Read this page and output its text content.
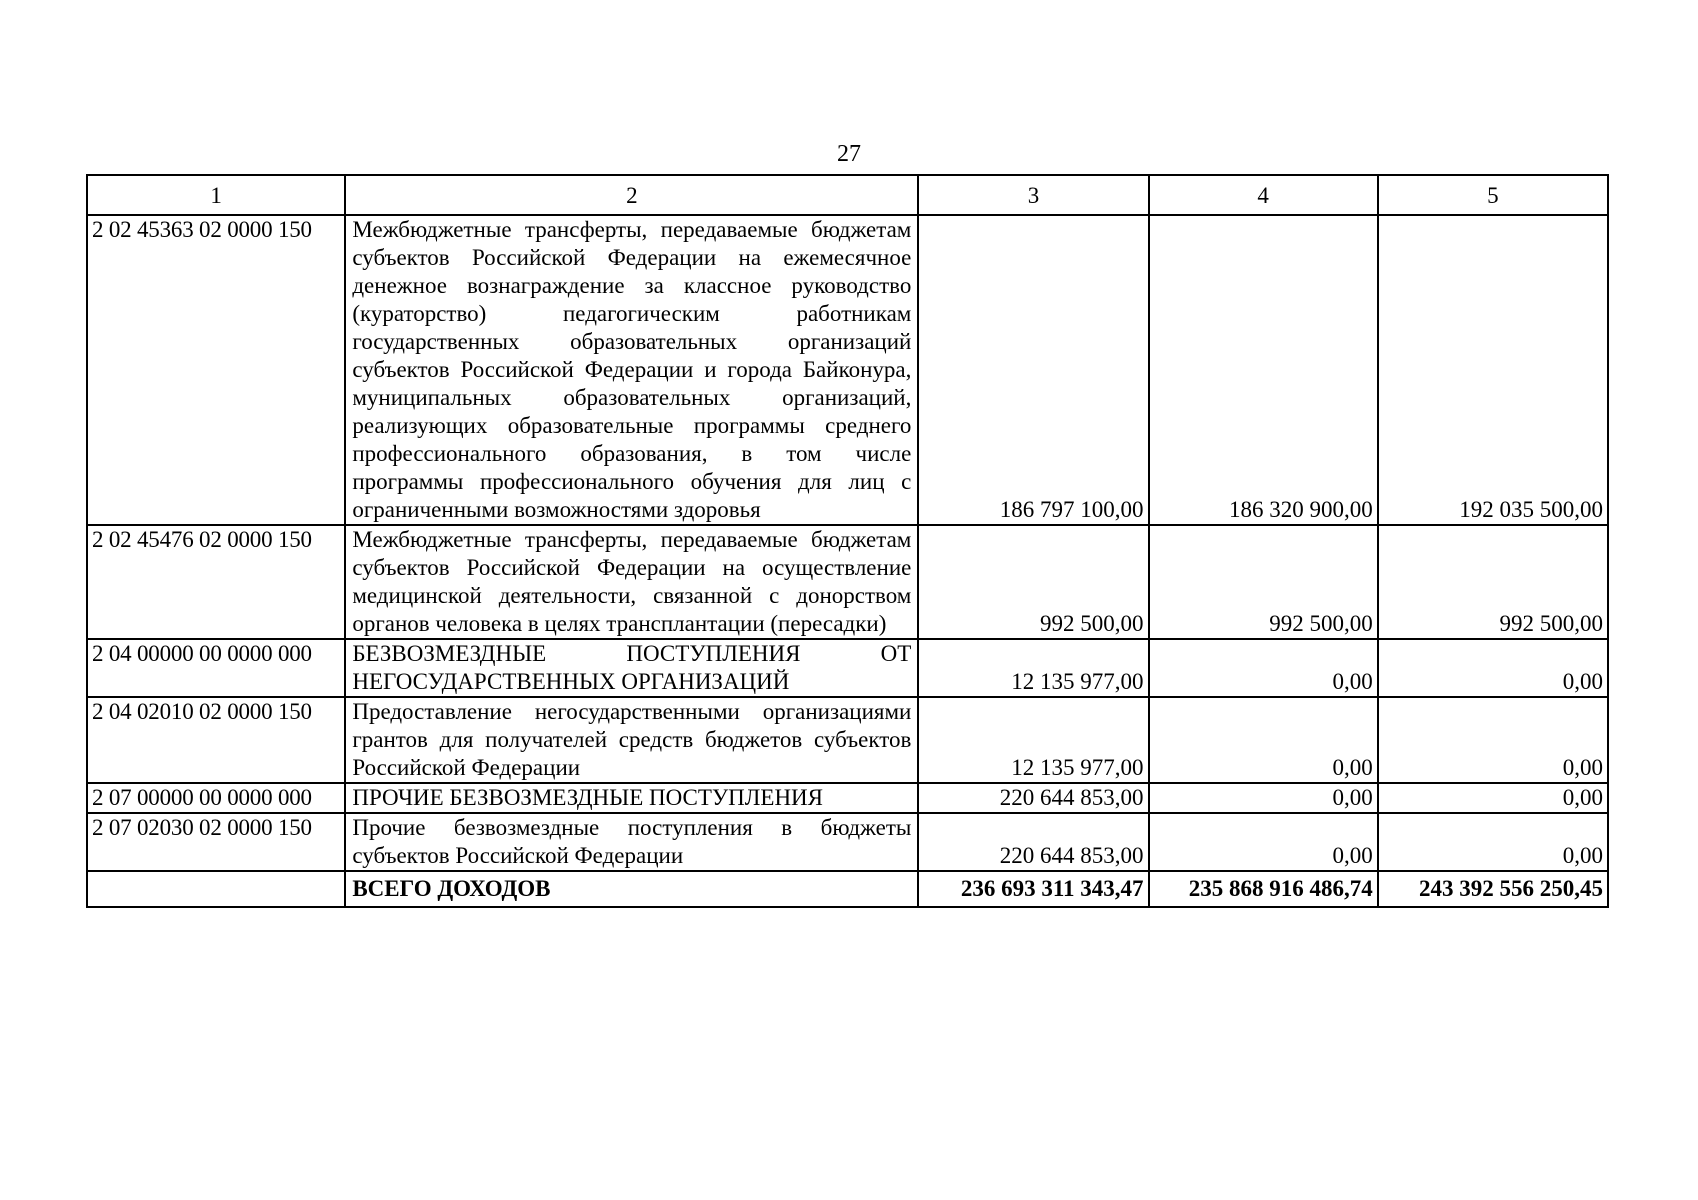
27
1	2	3	4	5
2 02 45363 02 0000 150	Межбюджетные трансферты, передаваемые бюджетам субъектов Российской Федерации на ежемесячное денежное вознаграждение за классное руководство (кураторство) педагогическим работникам государственных образовательных организаций субъектов Российской Федерации и города Байконура, муниципальных образовательных организаций, реализующих образовательные программы среднего профессионального образования, в том числе программы профессионального обучения для лиц с ограниченными возможностями здоровья	186 797 100,00	186 320 900,00	192 035 500,00
2 02 45476 02 0000 150	Межбюджетные трансферты, передаваемые бюджетам субъектов Российской Федерации на осуществление медицинской деятельности, связанной с донорством органов человека в целях трансплантации (пересадки)	992 500,00	992 500,00	992 500,00
2 04 00000 00 0000 000	БЕЗВОЗМЕЗДНЫЕ ПОСТУПЛЕНИЯ ОТ НЕГОСУДАРСТВЕННЫХ ОРГАНИЗАЦИЙ	12 135 977,00	0,00	0,00
2 04 02010 02 0000 150	Предоставление негосударственными организациями грантов для получателей средств бюджетов субъектов Российской Федерации	12 135 977,00	0,00	0,00
2 07 00000 00 0000 000	ПРОЧИЕ БЕЗВОЗМЕЗДНЫЕ ПОСТУПЛЕНИЯ	220 644 853,00	0,00	0,00
2 07 02030 02 0000 150	Прочие безвозмездные поступления в бюджеты субъектов Российской Федерации	220 644 853,00	0,00	0,00
	ВСЕГО ДОХОДОВ	236 693 311 343,47	235 868 916 486,74	243 392 556 250,45
